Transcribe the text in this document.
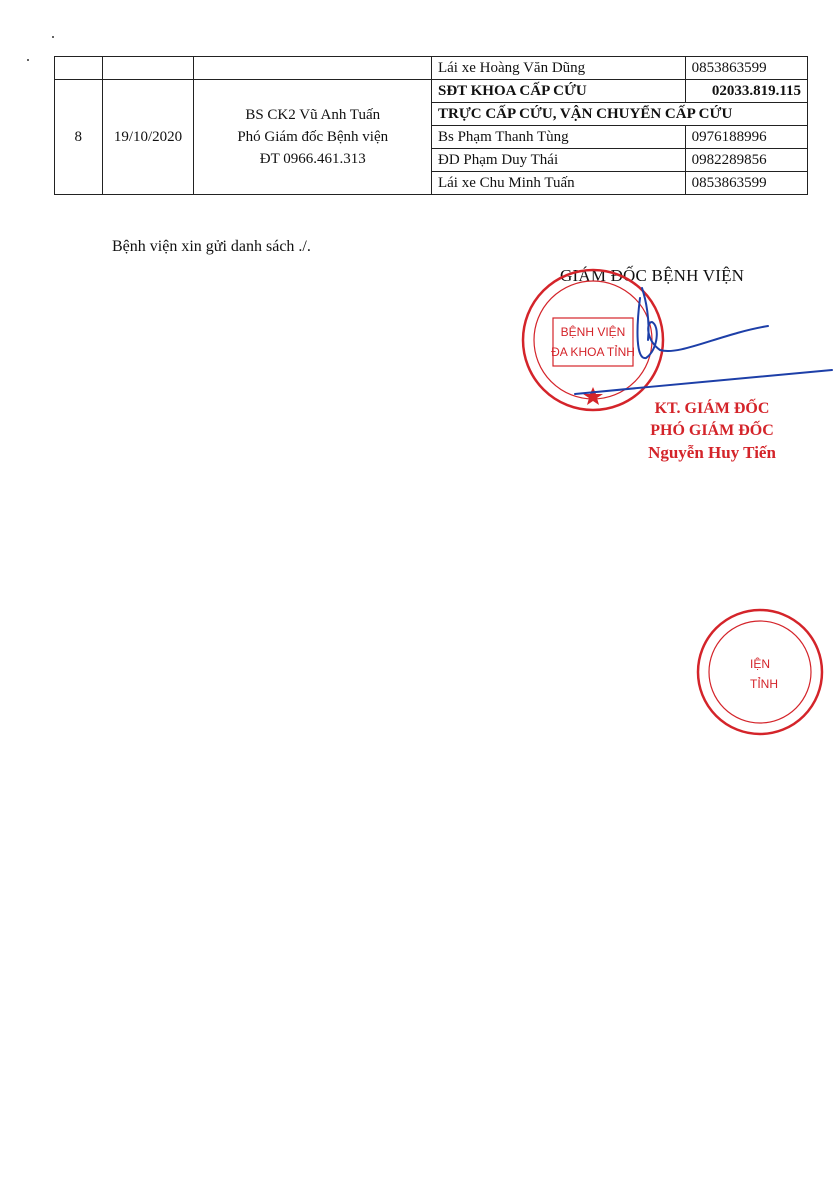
			Lái xe Hoàng Văn Dũng	0853863599
8	19/10/2020	BS CK2 Vũ Anh Tuấn
Phó Giám đốc Bệnh viện
ĐT 0966.461.313	SĐT KHOA CẤP CỨU	02033.819.115
			TRỰC CẤP CỨU, VẬN CHUYỂN CẤP CỨU	
			Bs Phạm Thanh Tùng	0976188996
			ĐD Phạm Duy Thái	0982289856
			Lái xe Chu Minh Tuấn	0853863599
Bệnh viện xin gửi danh sách ./.
GIÁM ĐỐC BỆNH VIỆN
BỆNH VIỆN
ĐA KHOA TỈNH
IỆN
TỈNH
KT. GIÁM ĐỐC
PHÓ GIÁM ĐỐC
Nguyễn Huy Tiến
